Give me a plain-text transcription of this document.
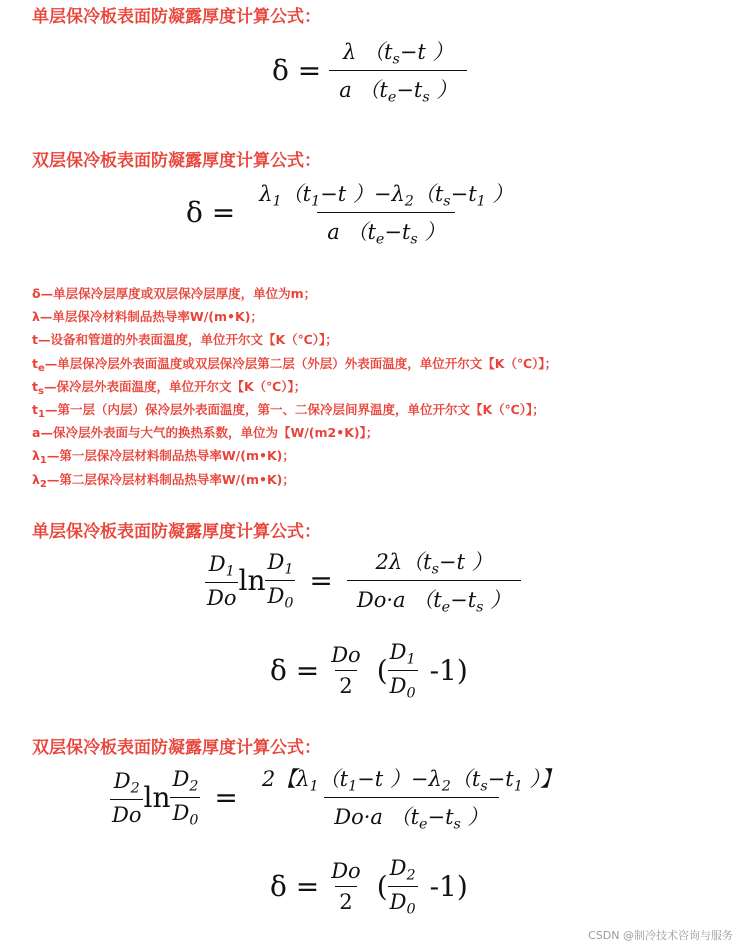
单层保冷板表面防凝露厚度计算公式：
双层保冷板表面防凝露厚度计算公式：
单层保冷板表面防凝露厚度计算公式：
双层保冷板表面防凝露厚度计算公式：
$\delta = \frac{\lambda (t_s-t )}{a (t_e-t_s )}$
$\delta = \frac{\lambda_1(t_1-t )-\lambda_2(t_s-t_1 )}{a (t_e-t_s )}$
δ—单层保冷层厚度或双层保冷层厚度，单位为m；
λ—单层保冷材料制品热导率W/(m•K)；
t—设备和管道的外表面温度，单位开尔文【K（℃）】；
$t_e—$单层保冷层外表面温度或双层保冷层第二层（外层）外表面温度，单位开尔文【K（℃）】；
$t_s—$保冷层外表面温度，单位开尔文【K（℃）】；
$t_1—$第一层（内层）保冷层外表面温度，第一、二保冷层间界温度，单位开尔文【K（℃）】；
a—保冷层外表面与大气的换热系数，单位为【W/(m2•K)】；
$\lambda_1—$第一层保冷层材料制品热导率W/(m•K)；
$\lambda_2—$第二层保冷层材料制品热导率W/(m•K)；
$\frac{D_1}{Do}$ $\ln \frac{D_1}{D_0} = \frac{2\lambda(t_s-t )}{Do\cdot a (t_e-t_s )}$
$\delta = \frac{Do}{2}$ ( $\frac{D_1}{D_0} -1$)
$\frac{D_2}{Do}$ $\ln \frac{D_2}{D_0} = \frac{2【\lambda_1(t_1-t )-\lambda_2(t_s-t_1 )】}{Do\cdot a (t_e-t_s )}$
$\delta = \frac{Do}{2}$ ( $\frac{D_2}{D_0} -1$)
CSDN @制冷技术咨询与服务
